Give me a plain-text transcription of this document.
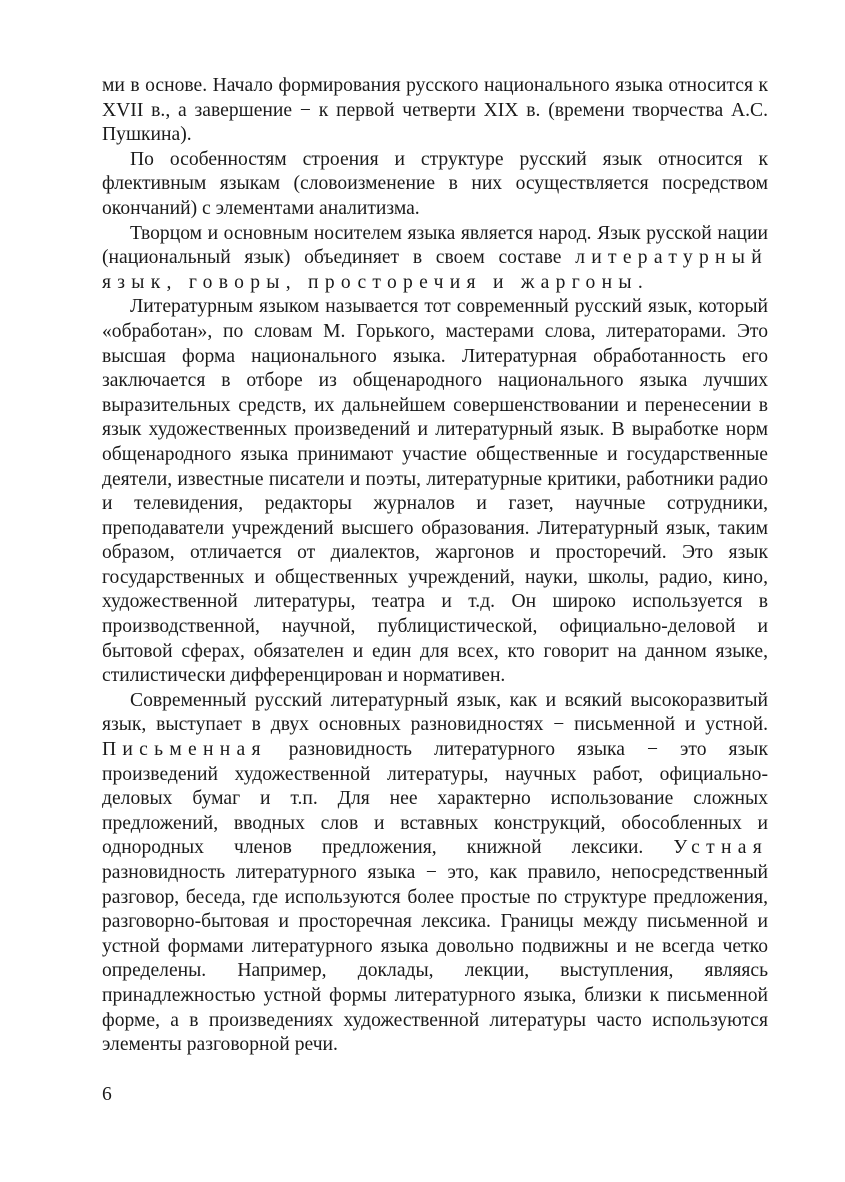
ми в основе. Начало формирования русского национального языка относится к XVII в., а завершение − к первой четверти XIX в. (времени творчества А.С. Пушкина).

По особенностям строения и структуре русский язык относится к флективным языкам (словоизменение в них осуществляется посредством окончаний) с элементами аналитизма.

Творцом и основным носителем языка является народ. Язык русской нации (национальный язык) объединяет в своем составе литературный язык, говоры, просторечия и жаргоны.

Литературным языком называется тот современный русский язык, который «обработан», по словам М. Горького, мастерами слова, литераторами. Это высшая форма национального языка. Литературная обработанность его заключается в отборе из общенародного национального языка лучших выразительных средств, их дальнейшем совершенствовании и перенесении в язык художественных произведений и литературный язык. В выработке норм общенародного языка принимают участие общественные и государственные деятели, известные писатели и поэты, литературные критики, работники радио и телевидения, редакторы журналов и газет, научные сотрудники, преподаватели учреждений высшего образования. Литературный язык, таким образом, отличается от диалектов, жаргонов и просторечий. Это язык государственных и общественных учреждений, науки, школы, радио, кино, художественной литературы, театра и т.д. Он широко используется в производственной, научной, публицистической, официально-деловой и бытовой сферах, обязателен и един для всех, кто говорит на данном языке, стилистически дифференцирован и нормативен.

Современный русский литературный язык, как и всякий высокоразвитый язык, выступает в двух основных разновидностях − письменной и устной. Письменная разновидность литературного языка − это язык произведений художественной литературы, научных работ, официально-деловых бумаг и т.п. Для нее характерно использование сложных предложений, вводных слов и вставных конструкций, обособленных и однородных членов предложения, книжной лексики. Устная разновидность литературного языка − это, как правило, непосредственный разговор, беседа, где используются более простые по структуре предложения, разговорно-бытовая и просторечная лексика. Границы между письменной и устной формами литературного языка довольно подвижны и не всегда четко определены. Например, доклады, лекции, выступления, являясь принадлежностью устной формы литературного языка, близки к письменной форме, а в произведениях художественной литературы часто используются элементы разговорной речи.

6
